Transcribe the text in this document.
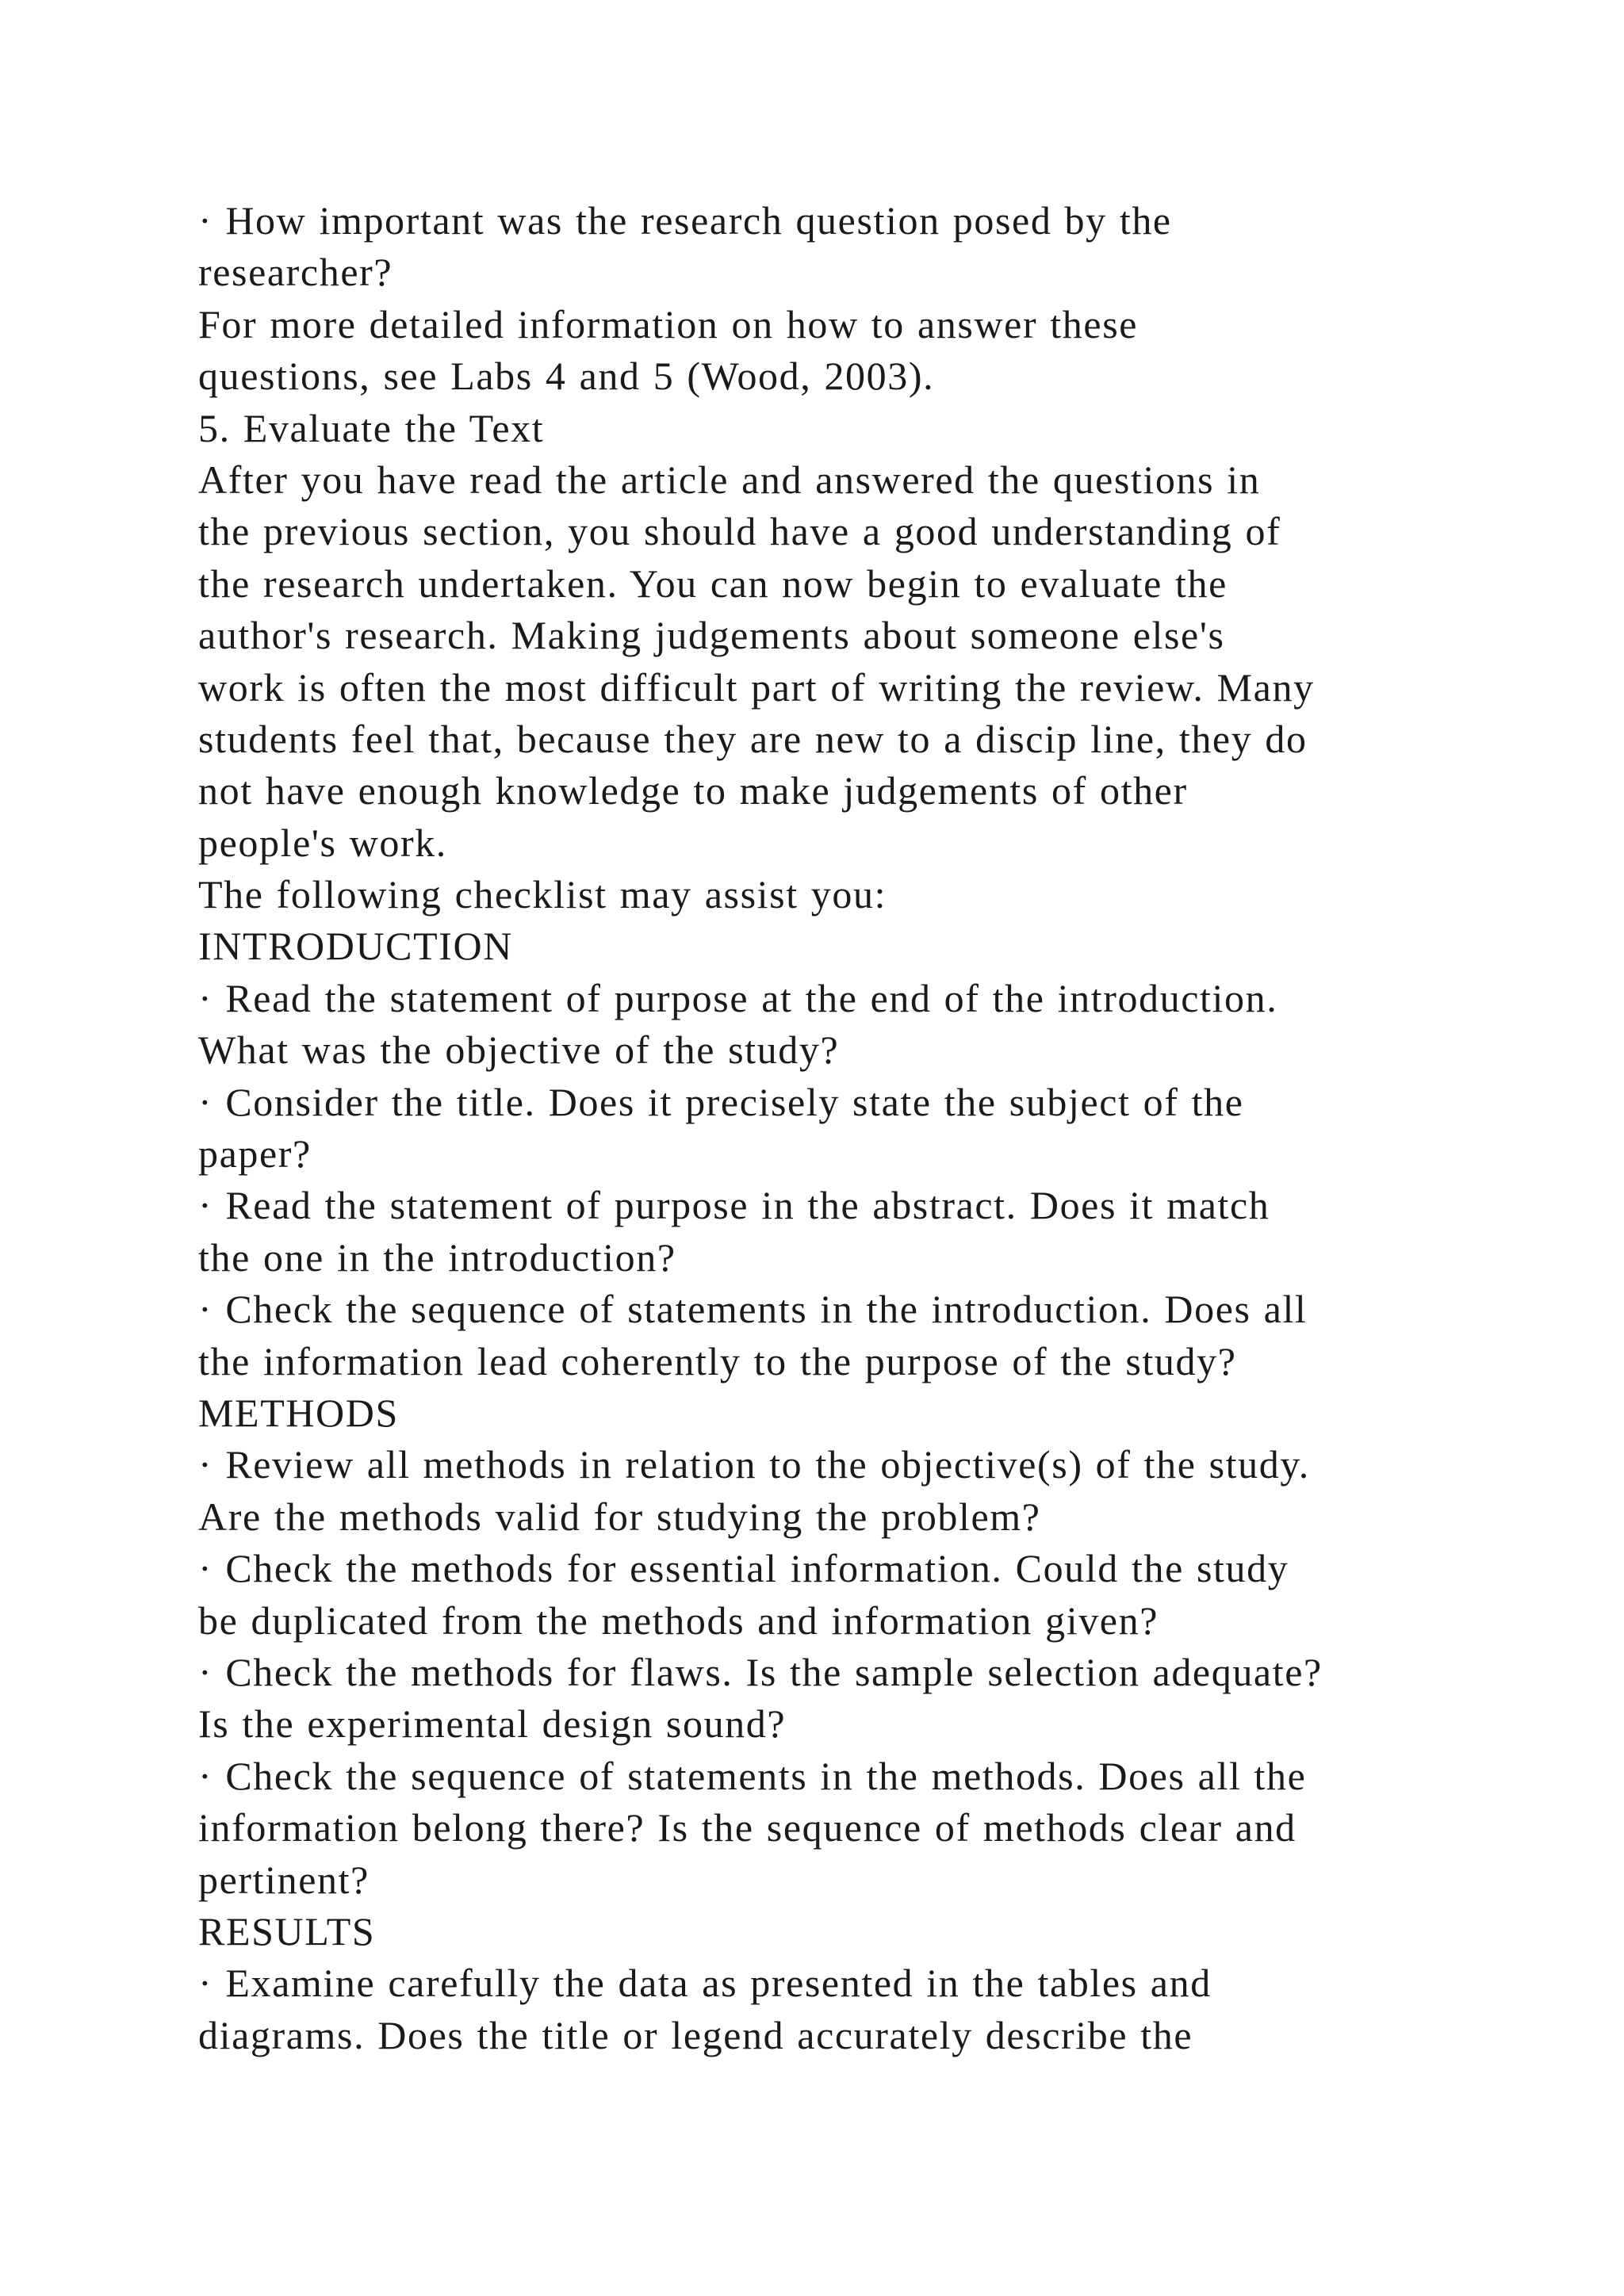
· How important was the research question posed by the
researcher?
For more detailed information on how to answer these
questions, see Labs 4 and 5 (Wood, 2003).
5. Evaluate the Text
After you have read the article and answered the questions in
the previous section, you should have a good understanding of
the research undertaken. You can now begin to evaluate the
author's research. Making judgements about someone else's
work is often the most difficult part of writing the review. Many
students feel that, because they are new to a discip line, they do
not have enough knowledge to make judgements of other
people's work.
The following checklist may assist you:
INTRODUCTION
· Read the statement of purpose at the end of the introduction.
What was the objective of the study?
· Consider the title. Does it precisely state the subject of the
paper?
· Read the statement of purpose in the abstract. Does it match
the one in the introduction?
· Check the sequence of statements in the introduction. Does all
the information lead coherently to the purpose of the study?
METHODS
· Review all methods in relation to the objective(s) of the study.
Are the methods valid for studying the problem?
· Check the methods for essential information. Could the study
be duplicated from the methods and information given?
· Check the methods for flaws. Is the sample selection adequate?
Is the experimental design sound?
· Check the sequence of statements in the methods. Does all the
information belong there? Is the sequence of methods clear and
pertinent?
RESULTS
· Examine carefully the data as presented in the tables and
diagrams. Does the title or legend accurately describe the
